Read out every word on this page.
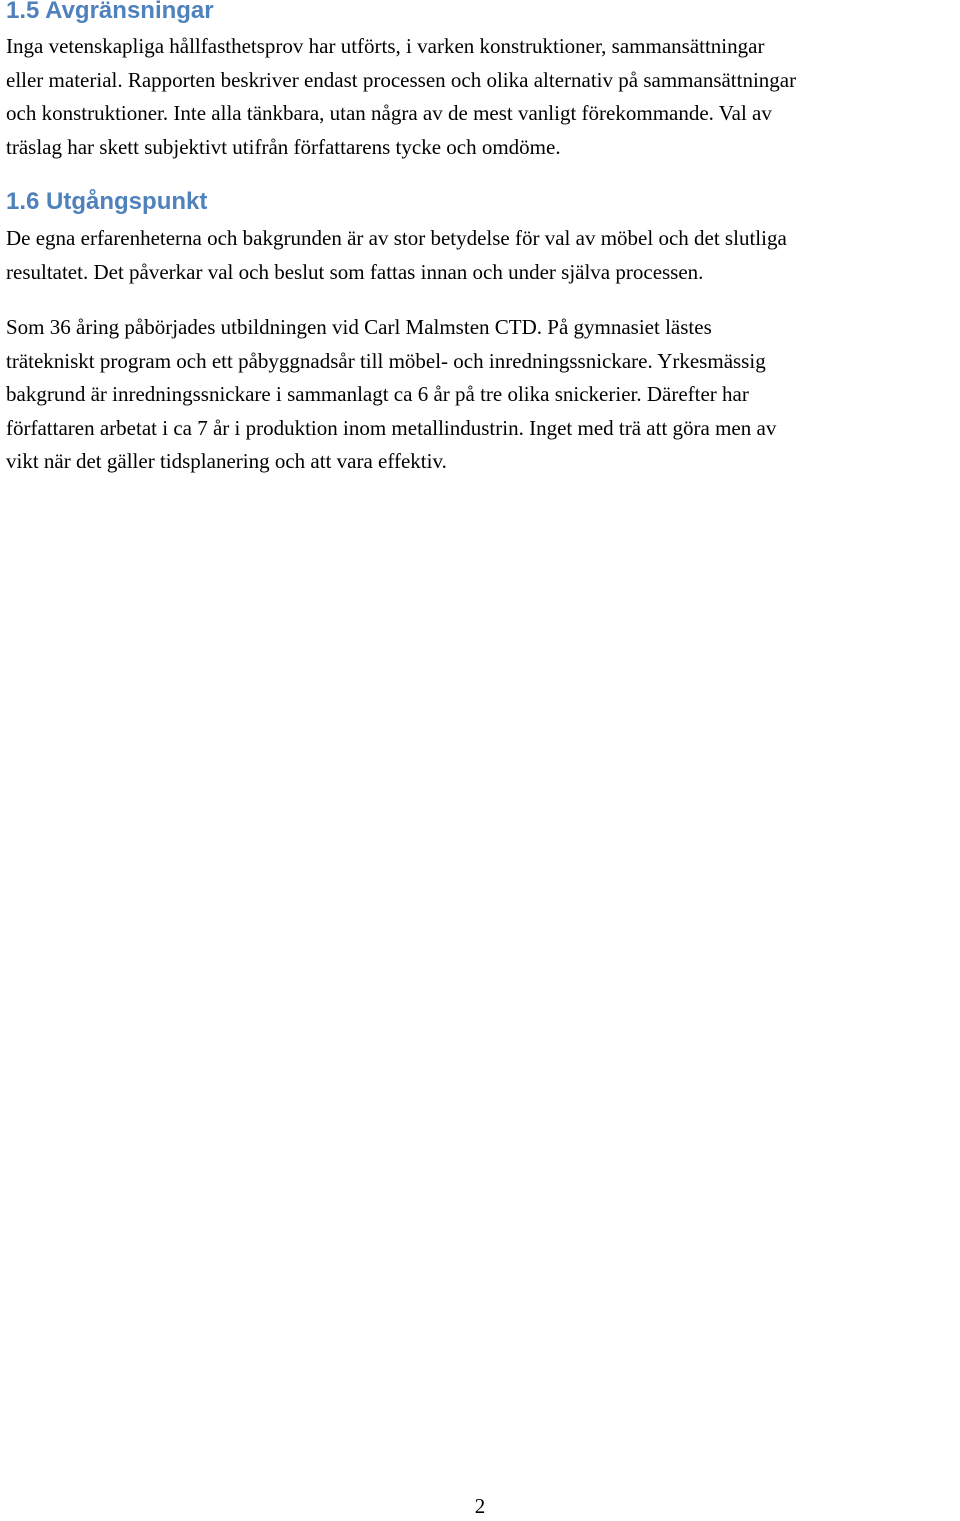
1.5 Avgränsningar

Inga vetenskapliga hållfasthetsprov har utförts, i varken konstruktioner, sammansättningar
eller material. Rapporten beskriver endast processen och olika alternativ på sammansättningar
och konstruktioner. Inte alla tänkbara, utan några av de mest vanligt förekommande. Val av
träslag har skett subjektivt utifrån författarens tycke och omdöme.

1.6 Utgångspunkt

De egna erfarenheterna och bakgrunden är av stor betydelse för val av möbel och det slutliga
resultatet. Det påverkar val och beslut som fattas innan och under själva processen.

Som 36 åring påbörjades utbildningen vid Carl Malmsten CTD. På gymnasiet lästes
trätekniskt program och ett påbyggnadsår till möbel- och inredningssnickare. Yrkesmässig
bakgrund är inredningssnickare i sammanlagt ca 6 år på tre olika snickerier. Därefter har
författaren arbetat i ca 7 år i produktion inom metallindustrin. Inget med trä att göra men av
vikt när det gäller tidsplanering och att vara effektiv.

2
